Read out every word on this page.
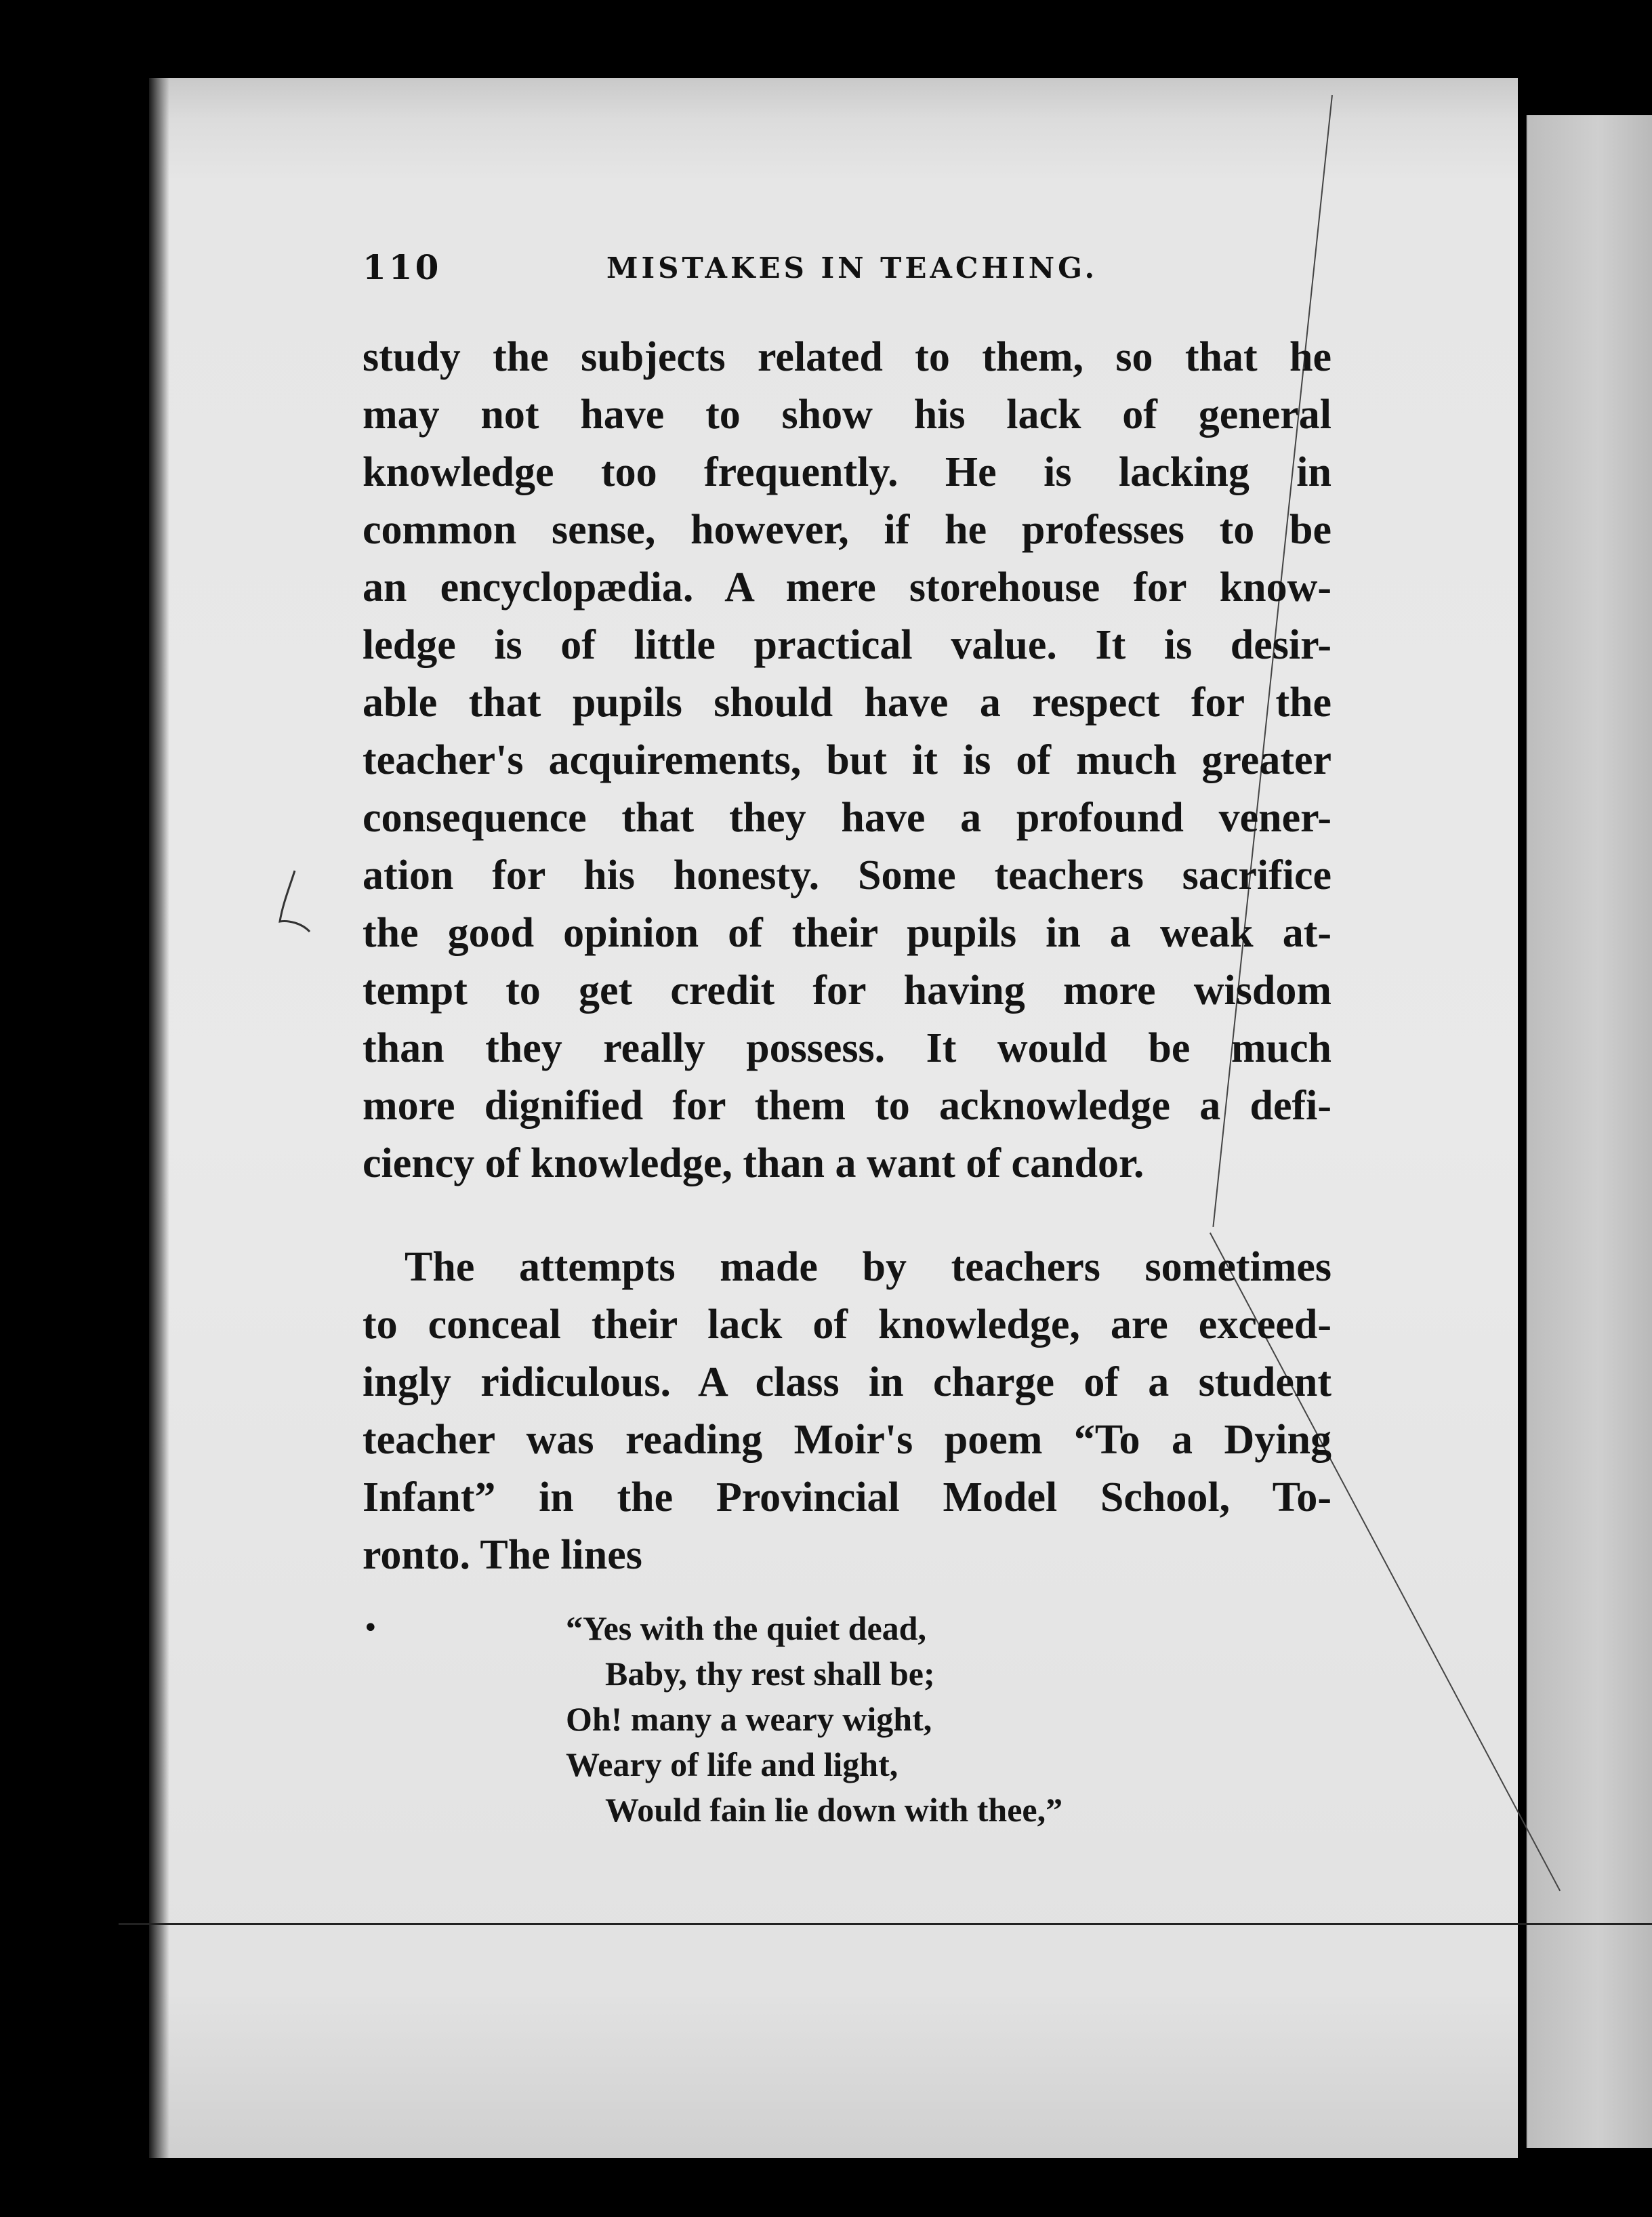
110	MISTAKES IN TEACHING.
study the subjects related to them, so that he
may not have to show his lack of general
knowledge too frequently. He is lacking in
common sense, however, if he professes to be
an encyclopædia. A mere storehouse for know-
ledge is of little practical value. It is desir-
able that pupils should have a respect for the
teacher's acquirements, but it is of much greater
consequence that they have a profound vener-
ation for his honesty. Some teachers sacrifice
the good opinion of their pupils in a weak at-
tempt to get credit for having more wisdom
than they really possess. It would be much
more dignified for them to acknowledge a defi-
ciency of knowledge, than a want of candor.
The attempts made by teachers sometimes
to conceal their lack of knowledge, are exceed-
ingly ridiculous. A class in charge of a student
teacher was reading Moir's poem “To a Dying
Infant” in the Provincial Model School, To-
ronto. The lines
•	“Yes with the quiet dead,
Baby, thy rest shall be;
Oh! many a weary wight,
Weary of life and light,
Would fain lie down with thee,”
